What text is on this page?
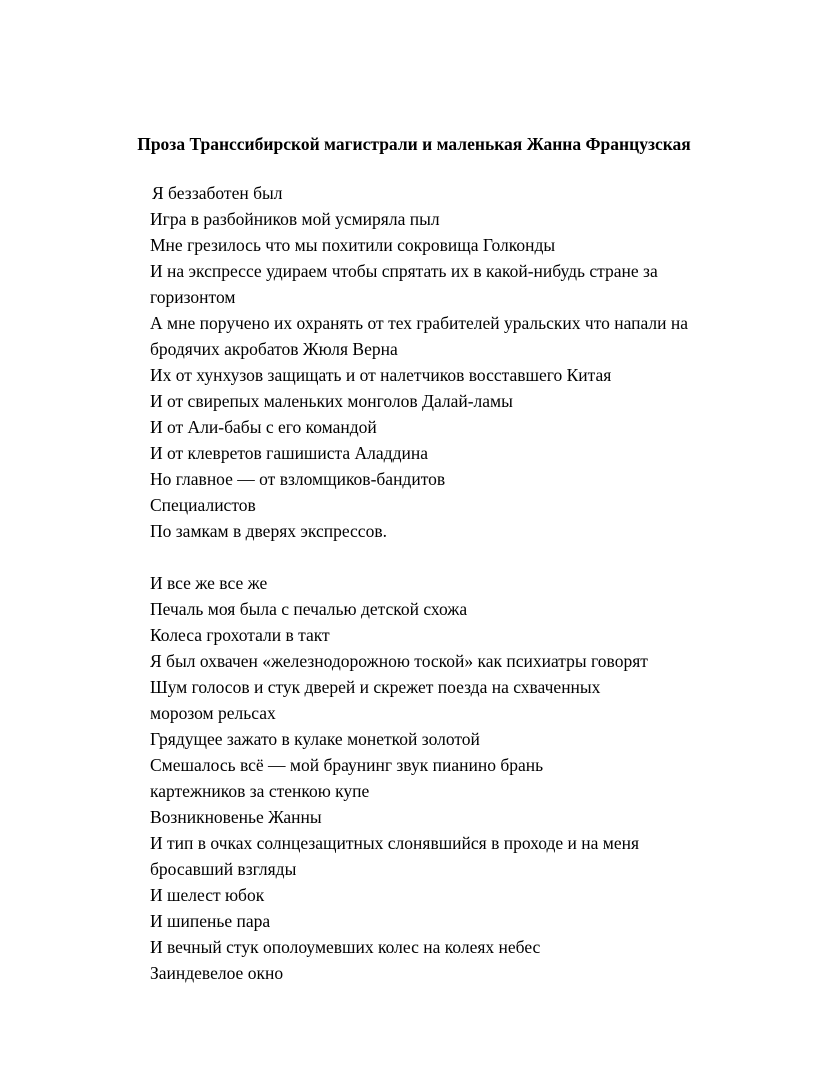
Проза Транссибирской магистрали и маленькая Жанна Французская
Я беззаботен был
Игра в разбойников мой усмиряла пыл
Мне грезилось что мы похитили сокровища Голконды
И на экспрессе удираем чтобы спрятать их в какой-нибудь стране за
горизонтом
А мне поручено их охранять от тех грабителей уральских что напали на
бродячих акробатов Жюля Верна
Их от хунхузов защищать и от налетчиков восставшего Китая
И от свирепых маленьких монголов Далай-ламы
И от Али-бабы с его командой
И от клевретов гашишиста Аладдина
Но главное — от взломщиков-бандитов
Специалистов
По замкам в дверях экспрессов.
И все же все же
Печаль моя была с печалью детской схожа
Колеса грохотали в такт
Я был охвачен «железнодорожною тоской» как психиатры говорят
Шум голосов и стук дверей и скрежет поезда на схваченных
морозом рельсах
Грядущее зажато в кулаке монеткой золотой
Смешалось всё — мой браунинг звук пианино брань
картежников за стенкою купе
Возникновенье Жанны
И тип в очках солнцезащитных слонявшийся в проходе и на меня
бросавший взгляды
И шелест юбок
И шипенье пара
И вечный стук ополоумевших колес на колеях небес
Заиндевелое окно
